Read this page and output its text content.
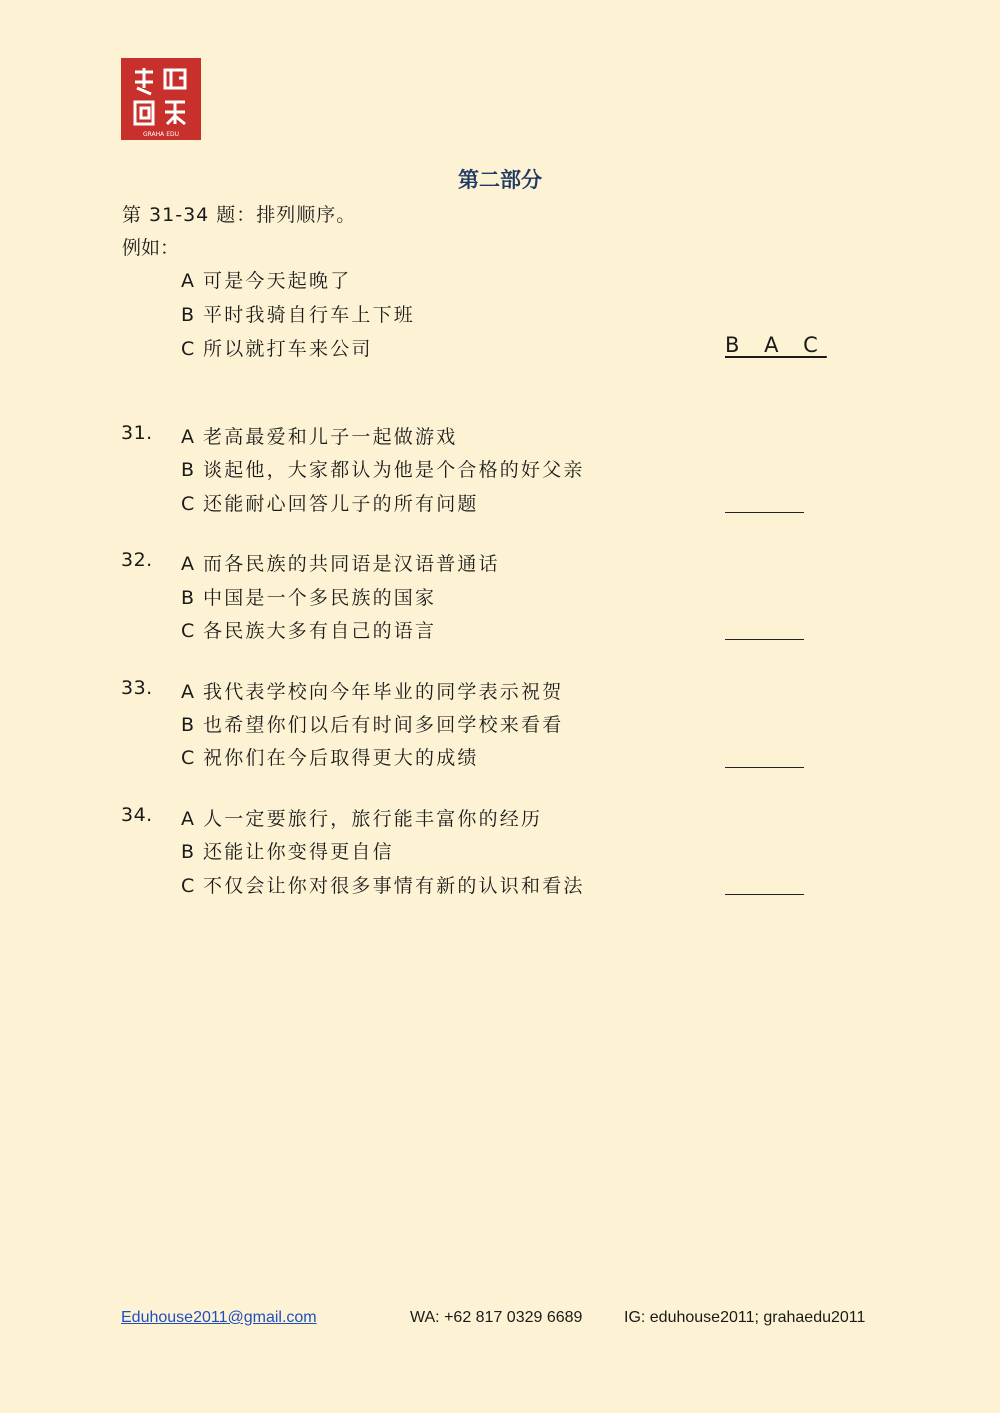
GRAHA EDU
第二部分
第 31-34 题：排列顺序。
例如：
A 可是今天起晚了
B 平时我骑自行车上下班
C 所以就打车来公司	B A C
31. A 老高最爱和儿子一起做游戏
B 谈起他，大家都认为他是个合格的好父亲
C 还能耐心回答儿子的所有问题
32. A 而各民族的共同语是汉语普通话
B 中国是一个多民族的国家
C 各民族大多有自己的语言
33. A 我代表学校向今年毕业的同学表示祝贺
B 也希望你们以后有时间多回学校来看看
C 祝你们在今后取得更大的成绩
34. A 人一定要旅行，旅行能丰富你的经历
B 还能让你变得更自信
C 不仅会让你对很多事情有新的认识和看法
Eduhouse2011@gmail.com	WA: +62 817 0329 6689	IG: eduhouse2011; grahaedu2011
